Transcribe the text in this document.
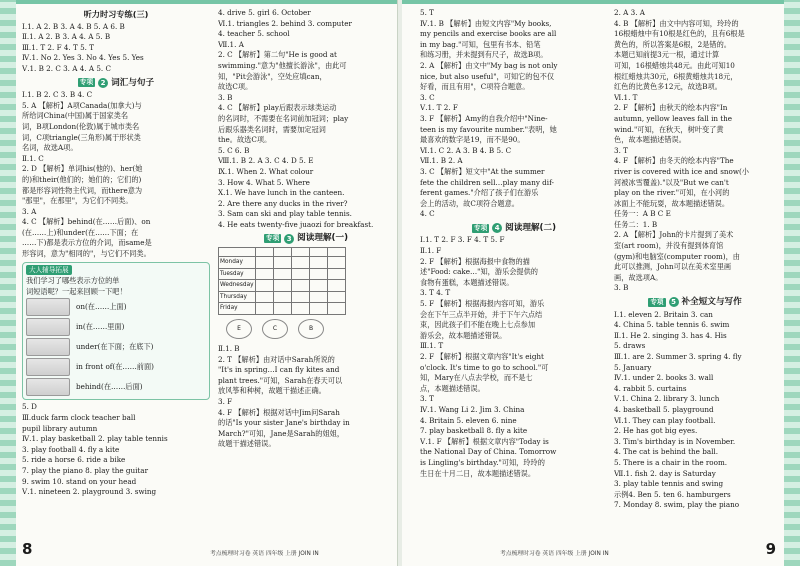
听力时习专练(三)
Ⅰ.1. A 2. B 3. A 4. B 5. A 6. B
Ⅱ.1. A 2. B 3. A 4. A 5. B
Ⅲ.1. T 2. F 4. T 5. T
Ⅳ.1. No 2. Yes 3. No 4. Yes 5. Yes
Ⅴ.1. B 2. C 3. A 4. A 5. C
专项	2 词汇与句子
Ⅰ.1. B 2. C 3. B 4. C
5. A 【解析】A项Canada(加拿大)与
所给词China(中国)属于国家类名
词，B项London(伦敦)属于城市类名
词，C项triangle(三角形)属于形状类
名词，故选A项。
Ⅱ.1. C
2. D 【解析】单词his(他的)、her(她
的)和their(他们的；她们的；它们的)
都是形容词性物主代词，而there意为
"那里"，在那里"，为它们不同类。
3. A
4. C 【解析】behind(在……后面)、on
(在……上)和under(在……下面；在
……下)都是表示方位的介词，而same是
形容词，意为"相同的"，与它们不同类。
大人辅导拓展
我们学习了哪些表示方位的单
词短语呢？一起来回顾一下吧！
on(在……上面)
in(在……里面)
under(在下面；在底下)
in front of(在……前面)
behind(在……后面)
5. D
Ⅲ.duck farm clock teacher ball
pupil library autumn
Ⅳ.1. play basketball 2. play table tennis
3. play football 4. fly a kite
5. ride a horse 6. ride a bike
7. play the piano 8. play the guitar
9. swim 10. stand on your head
Ⅴ.1. nineteen 2. playground 3. swing
4. drive 5. girl 6. October
Ⅵ.1. triangles 2. behind 3. computer
4. teacher 5. school
Ⅶ.1. A
2. C 【解析】第二句"He is good at
swimming."意为"他擅长游泳"，由此可
知，"Pit会游泳"，空处应填can，
故选C项。
3. B
4. C 【解析】play后跟表示球类运动
的名词时，不需要在名词前加冠词；play
后跟乐器类名词时，需要加定冠词
the。故选C项。
5. C 6. B
Ⅷ.1. B 2. A 3. C 4. D 5. E
Ⅸ.1. When 2. What colour
3. How 4. What 5. Where
Ⅹ.1. We have lunch in the canteen.
2. Are there any ducks in the river?
3. Sam can ski and play table tennis.
4. He eats twenty-five juaozi for breakfast.
专项	3 阅读理解(一)

Monday					
Tuesday					
Wednesday					
Thursday					
Friday					
E	C	B
Ⅱ.1. B
2. T 【解析】由对话中Sarah所说的
"It's in spring…I can fly kites and
plant trees."可知，Sarah在春天可以
放风筝和种树，故题干描述正确。
3. F
4. F 【解析】根据对话中Jim问Sarah
的话"Is your sister Jane's birthday in
March?"可知，Jane是Sarah的姐姐，
故题干描述错误。
8	考点梳理时习卷 英语 四年级 上册 JOIN IN
5. T
Ⅳ.1. B 【解析】由短文内容"My books,
my pencils and exercise books are all
in my bag."可知，包里有书本、铅笔
和练习册，并未提到有尺子，故选B项。
2. A 【解析】由文中"My bag is not only
nice, but also useful"，可知它的包不仅
好看，而且有用"，C项符合题意。
3. C
Ⅴ.1. T 2. F
3. F 【解析】Amy的自我介绍中"Nine-
teen is my favourite number."表明，她
最喜欢的数字是19，而不是90。
Ⅵ.1. C 2. A 3. B 4. B 5. C
Ⅶ.1. B 2. A
3. C 【解析】短文中"At the summer
fete the children sell…play many dif-
ferent games."介绍了孩子们在游乐
会上的活动，故C项符合题意。
4. C
专项	4 阅读理解(二)
Ⅰ.1. T 2. F 3. F 4. T 5. F
Ⅱ.1. F
2. F 【解析】根据海报中食物的描
述"Food: cake…"知，游乐会提供的
食物有蛋糕，本题描述错误。
3. T 4. T
5. F 【解析】根据海报内容可知，游乐
会在下午三点半开始，并于下午六点结
束，因此孩子们不能在晚上七点参加
游乐会，故本题描述错误。
Ⅲ.1. T
2. F 【解析】根据文章内容"It's eight
o'clock. It's time to go to school."可
知，Mary在八点去学校，而不是七
点，本题描述错误。
3. T
Ⅳ.1. Wang Li 2. Jim 3. China
4. Britain 5. eleven 6. nine
7. play basketball 8. fly a kite
Ⅴ.1. F 【解析】根据文章内容"Today is
the National Day of China. Tomorrow
is Lingling's birthday."可知，玲玲的
生日在十月二日，故本题描述错误。
2. A 3. A
4. B 【解析】由文中内容可知，玲玲的
16根蜡烛中有10根是红色的，且有6根是
黄色的，所以答案是6根，2是错的。
本题已知前提3元一根，通过计算
可知，16根蜡烛共48元。由此可知10
根红蜡烛共30元，6根黄蜡烛共18元，
红色的比黄色多12元，故选B项。
Ⅵ.1. T
2. F 【解析】由秋天的绘本内容"In
autumn, yellow leaves fall in the
wind."可知，在秋天，树叶变了黄
色，故本题描述错误。
3. T
4. F 【解析】由冬天的绘本内容"The
river is covered with ice and snow(小
河被冰雪覆盖)."以及"But we can't
play on the river."可知，在小河的
冰面上不能玩耍，故本题描述错误。
任务一：A B C E
任务二：1. B
2. A 【解析】John的卡片提到了美术
室(art room)，并没有提到体育馆
(gym)和电脑室(computer room)，由
此可以推测，John可以在美术室里画
画，故选项A。
3. B
专项	5 补全短文与写作
Ⅰ.1. eleven 2. Britain 3. can
4. China 5. table tennis 6. swim
Ⅱ.1. He 2. singing 3. has 4. His
5. draws
Ⅲ.1. are 2. Summer 3. spring 4. fly
5. January
Ⅳ.1. under 2. books 3. wall
4. rabbit 5. curtains
Ⅴ.1. China 2. library 3. lunch
4. basketball 5. playground
Ⅵ.1. They can play football.
2. He has got big eyes.
3. Tim's birthday is in November.
4. The cat is behind the ball.
5. There is a chair in the room.
Ⅶ.1. fish 2. day is Saturday
3. play table tennis and swing
示例4. Ben 5. ten 6. hamburgers
7. Monday 8. swim, play the piano
考点梳理时习卷 英语 四年级 上册 JOIN IN	9
